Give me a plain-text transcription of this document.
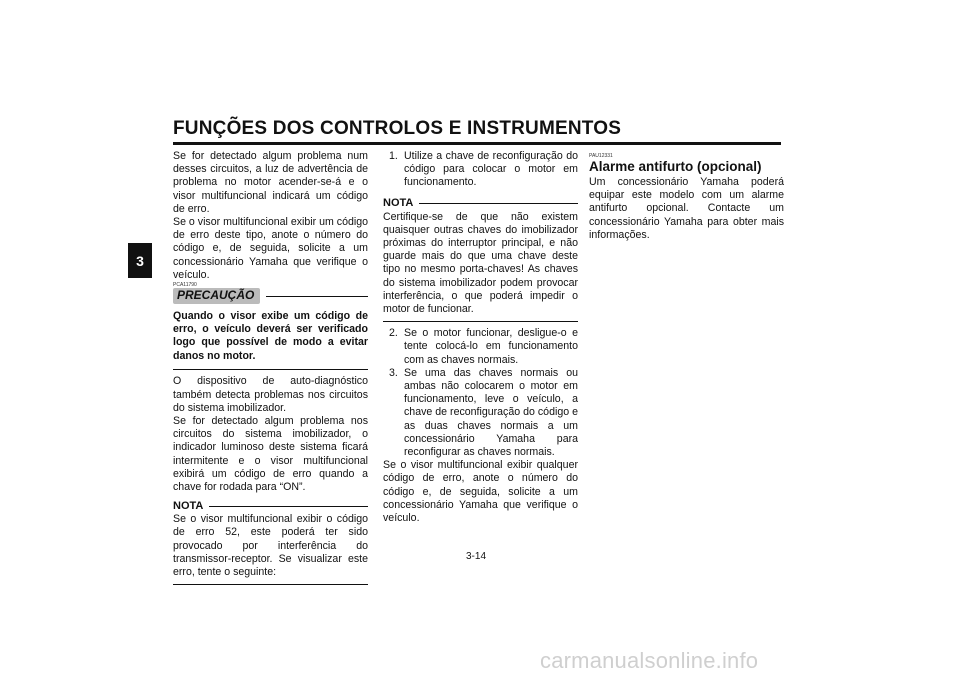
FUNÇÕES DOS CONTROLOS E INSTRUMENTOS
3

Se for detectado algum problema num desses circuitos, a luz de advertência de problema no motor acender-se-á e o visor multifuncional indicará um código de erro.

Se o visor multifuncional exibir um código de erro deste tipo, anote o número do código e, de seguida, solicite a um concessionário Yamaha que verifique o veículo.

PCA11790

PRECAUÇÃO

Quando o visor exibe um código de erro, o veículo deverá ser verificado logo que possível de modo a evitar danos no motor.

O dispositivo de auto-diagnóstico também detecta problemas nos circuitos do sistema imobilizador.

Se for detectado algum problema nos circuitos do sistema imobilizador, o indicador luminoso deste sistema ficará intermitente e o visor multifuncional exibirá um código de erro quando a chave for rodada para “ON”.

NOTA

Se o visor multifuncional exibir o código de erro 52, este poderá ter sido provocado por interferência do transmissor-receptor. Se visualizar este erro, tente o seguinte:

1. Utilize a chave de reconfiguração do código para colocar o motor em funcionamento.
NOTA

Certifique-se de que não existem quaisquer outras chaves do imobilizador próximas do interruptor principal, e não guarde mais do que uma chave deste tipo no mesmo porta-chaves! As chaves do sistema imobilizador podem provocar interferência, o que poderá impedir o motor de funcionar.

2. Se o motor funcionar, desligue-o e tente colocá-lo em funcionamento com as chaves normais.
3. Se uma das chaves normais ou ambas não colocarem o motor em funcionamento, leve o veículo, a chave de reconfiguração do código e as duas chaves normais a um concessionário Yamaha para reconfigurar as chaves normais.

Se o visor multifuncional exibir qualquer código de erro, anote o número do código e, de seguida, solicite a um concessionário Yamaha que verifique o veículo.

PAU12331

Alarme antifurto (opcional)

Um concessionário Yamaha poderá equipar este modelo com um alarme antifurto opcional. Contacte um concessionário Yamaha para obter mais informações.

3-14
carmanualsonline.info
